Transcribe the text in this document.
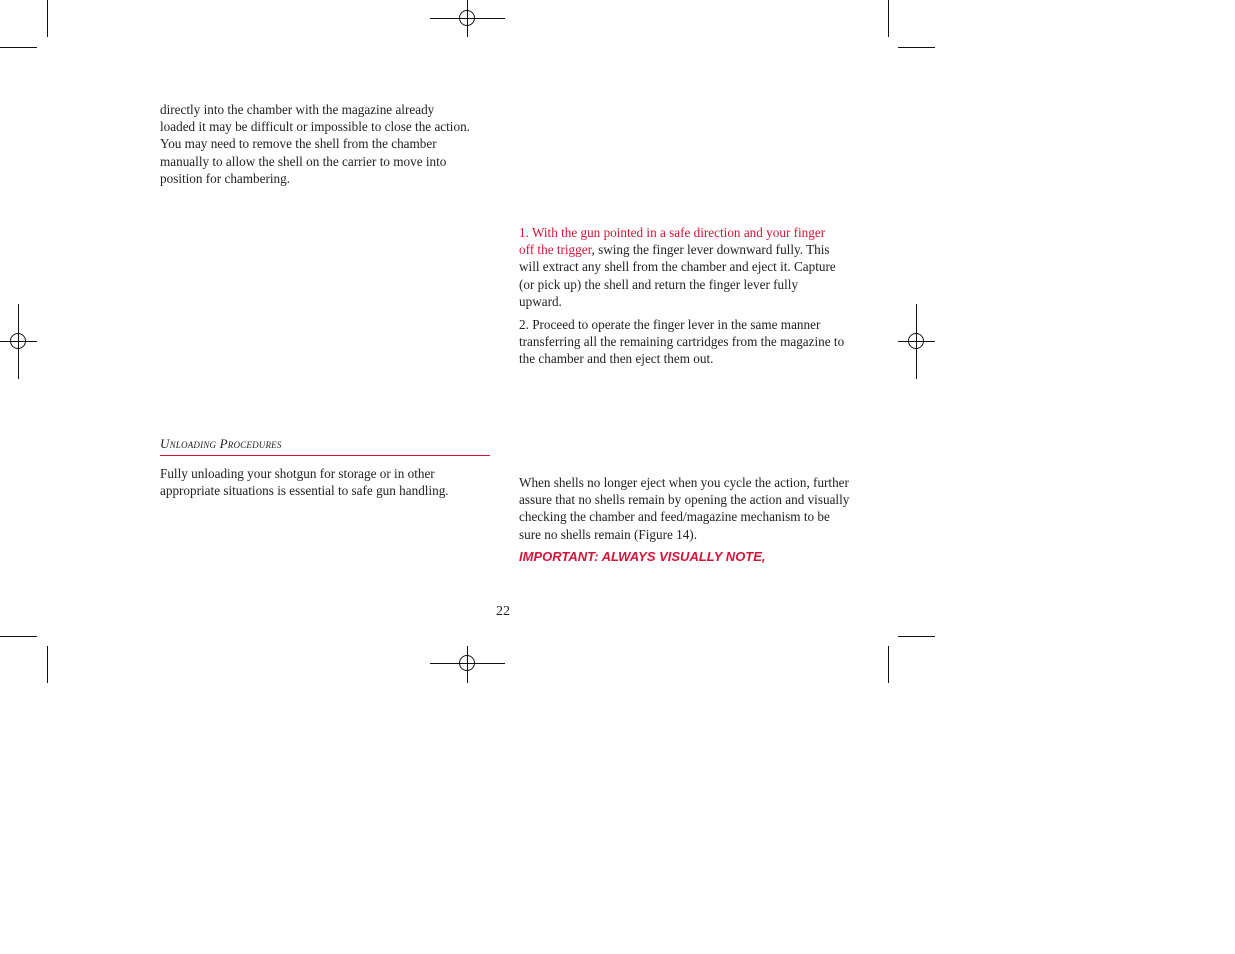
directly into the chamber with the magazine already loaded it may be difficult or impossible to close the action. You may need to remove the shell from the chamber manually to allow the shell on the carrier to move into position for chambering.

Unloading Procedures

Fully unloading your shotgun for storage or in other appropriate situations is essential to safe gun handling.

1. With the gun pointed in a safe direction and your finger off the trigger, swing the finger lever downward fully. This will extract any shell from the chamber and eject it. Capture (or pick up) the shell and return the finger lever fully upward.

2. Proceed to operate the finger lever in the same manner transferring all the remaining cartridges from the magazine to the chamber and then eject them out.

When shells no longer eject when you cycle the action, further assure that no shells remain by opening the action and visually checking the chamber and feed/magazine mechanism to be sure no shells remain (Figure 14).

IMPORTANT: ALWAYS VISUALLY NOTE,
22
